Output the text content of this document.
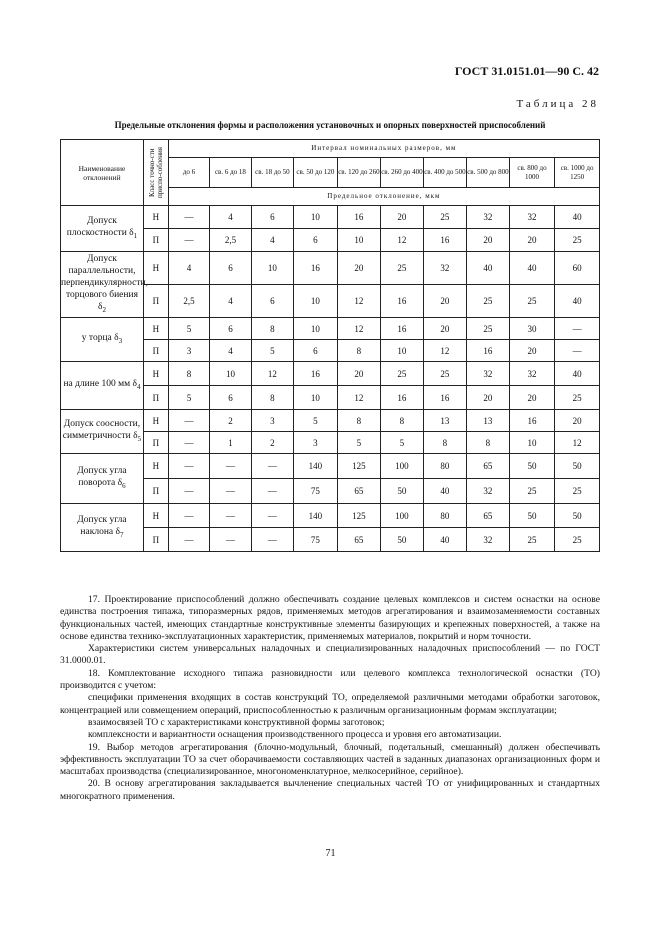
ГОСТ 31.0151.01—90 С. 42
Таблица 28
Предельные отклонения формы и расположения установочных и опорных поверхностей приспособлений
Наименование отклонений	Класс точно-сти приспо-собления	Интервал номинальных размеров, мм									
		до 6	св. 6 до 18	св. 18 до 50	св. 50 до 120	св. 120 до 260	св. 260 до 400	св. 400 до 500	св. 500 до 800	св. 800 до 1000	св. 1000 до 1250
		Предельное отклонение, мкм									
Допуск плоскостности $\delta_1$	Н	—	4	6	10	16	20	25	32	32	40
	П	—	2,5	4	6	10	12	16	20	20	25
Допуск параллельности, перпендикулярности, торцового биения $\delta_2$	Н	4	6	10	16	20	25	32	40	40	60
	П	2,5	4	6	10	12	16	20	25	25	40
у торца $\delta_3$	Н	5	6	8	10	12	16	20	25	30	—
	П	3	4	5	6	8	10	12	16	20	—
на длине 100 мм $\delta_4$	Н	8	10	12	16	20	25	25	32	32	40
	П	5	6	8	10	12	16	16	20	20	25
Допуск соосности, симметричности $\delta_5$	Н	—	2	3	5	8	8	13	13	16	20
	П	—	1	2	3	5	5	8	8	10	12
Допуск угла поворота $\delta_6$	Н	—	—	—	140	125	100	80	65	50	50
	П	—	—	—	75	65	50	40	32	25	25
Допуск угла наклона $\delta_7$	Н	—	—	—	140	125	100	80	65	50	50
	П	—	—	—	75	65	50	40	32	25	25

17. Проектирование приспособлений должно обеспечивать создание целевых комплексов и систем оснастки на основе единства построения типажа, типоразмерных рядов, применяемых методов агрегатирования и взаимозаменяемости составных функциональных частей, имеющих стандартные конструктивные элементы базирующих и крепежных поверхностей, а также на основе единства технико-эксплуатационных характеристик, применяемых материалов, покрытий и норм точности.

Характеристики систем универсальных наладочных и специализированных наладочных приспособлений — по ГОСТ 31.0000.01.

18. Комплектование исходного типажа разновидности или целевого комплекса технологической оснастки (ТО) производится с учетом:

специфики применения входящих в состав конструкций ТО, определяемой различными методами обработки заготовок, концентрацией или совмещением операций, приспособленностью к различным организационным формам эксплуатации;

взаимосвязей ТО с характеристиками конструктивной формы заготовок;

комплексности и вариантности оснащения производственного процесса и уровня его автоматизации.

19. Выбор методов агрегатирования (блочно-модульный, блочный, подетальный, смешанный) должен обеспечивать эффективность эксплуатации ТО за счет оборачиваемости составляющих частей в заданных диапазонах организационных форм и масштабах производства (специализированное, многономенклатурное, мелкосерийное, серийное).

20. В основу агрегатирования закладывается вычленение специальных частей ТО от унифицированных и стандартных многократного применения.

71
